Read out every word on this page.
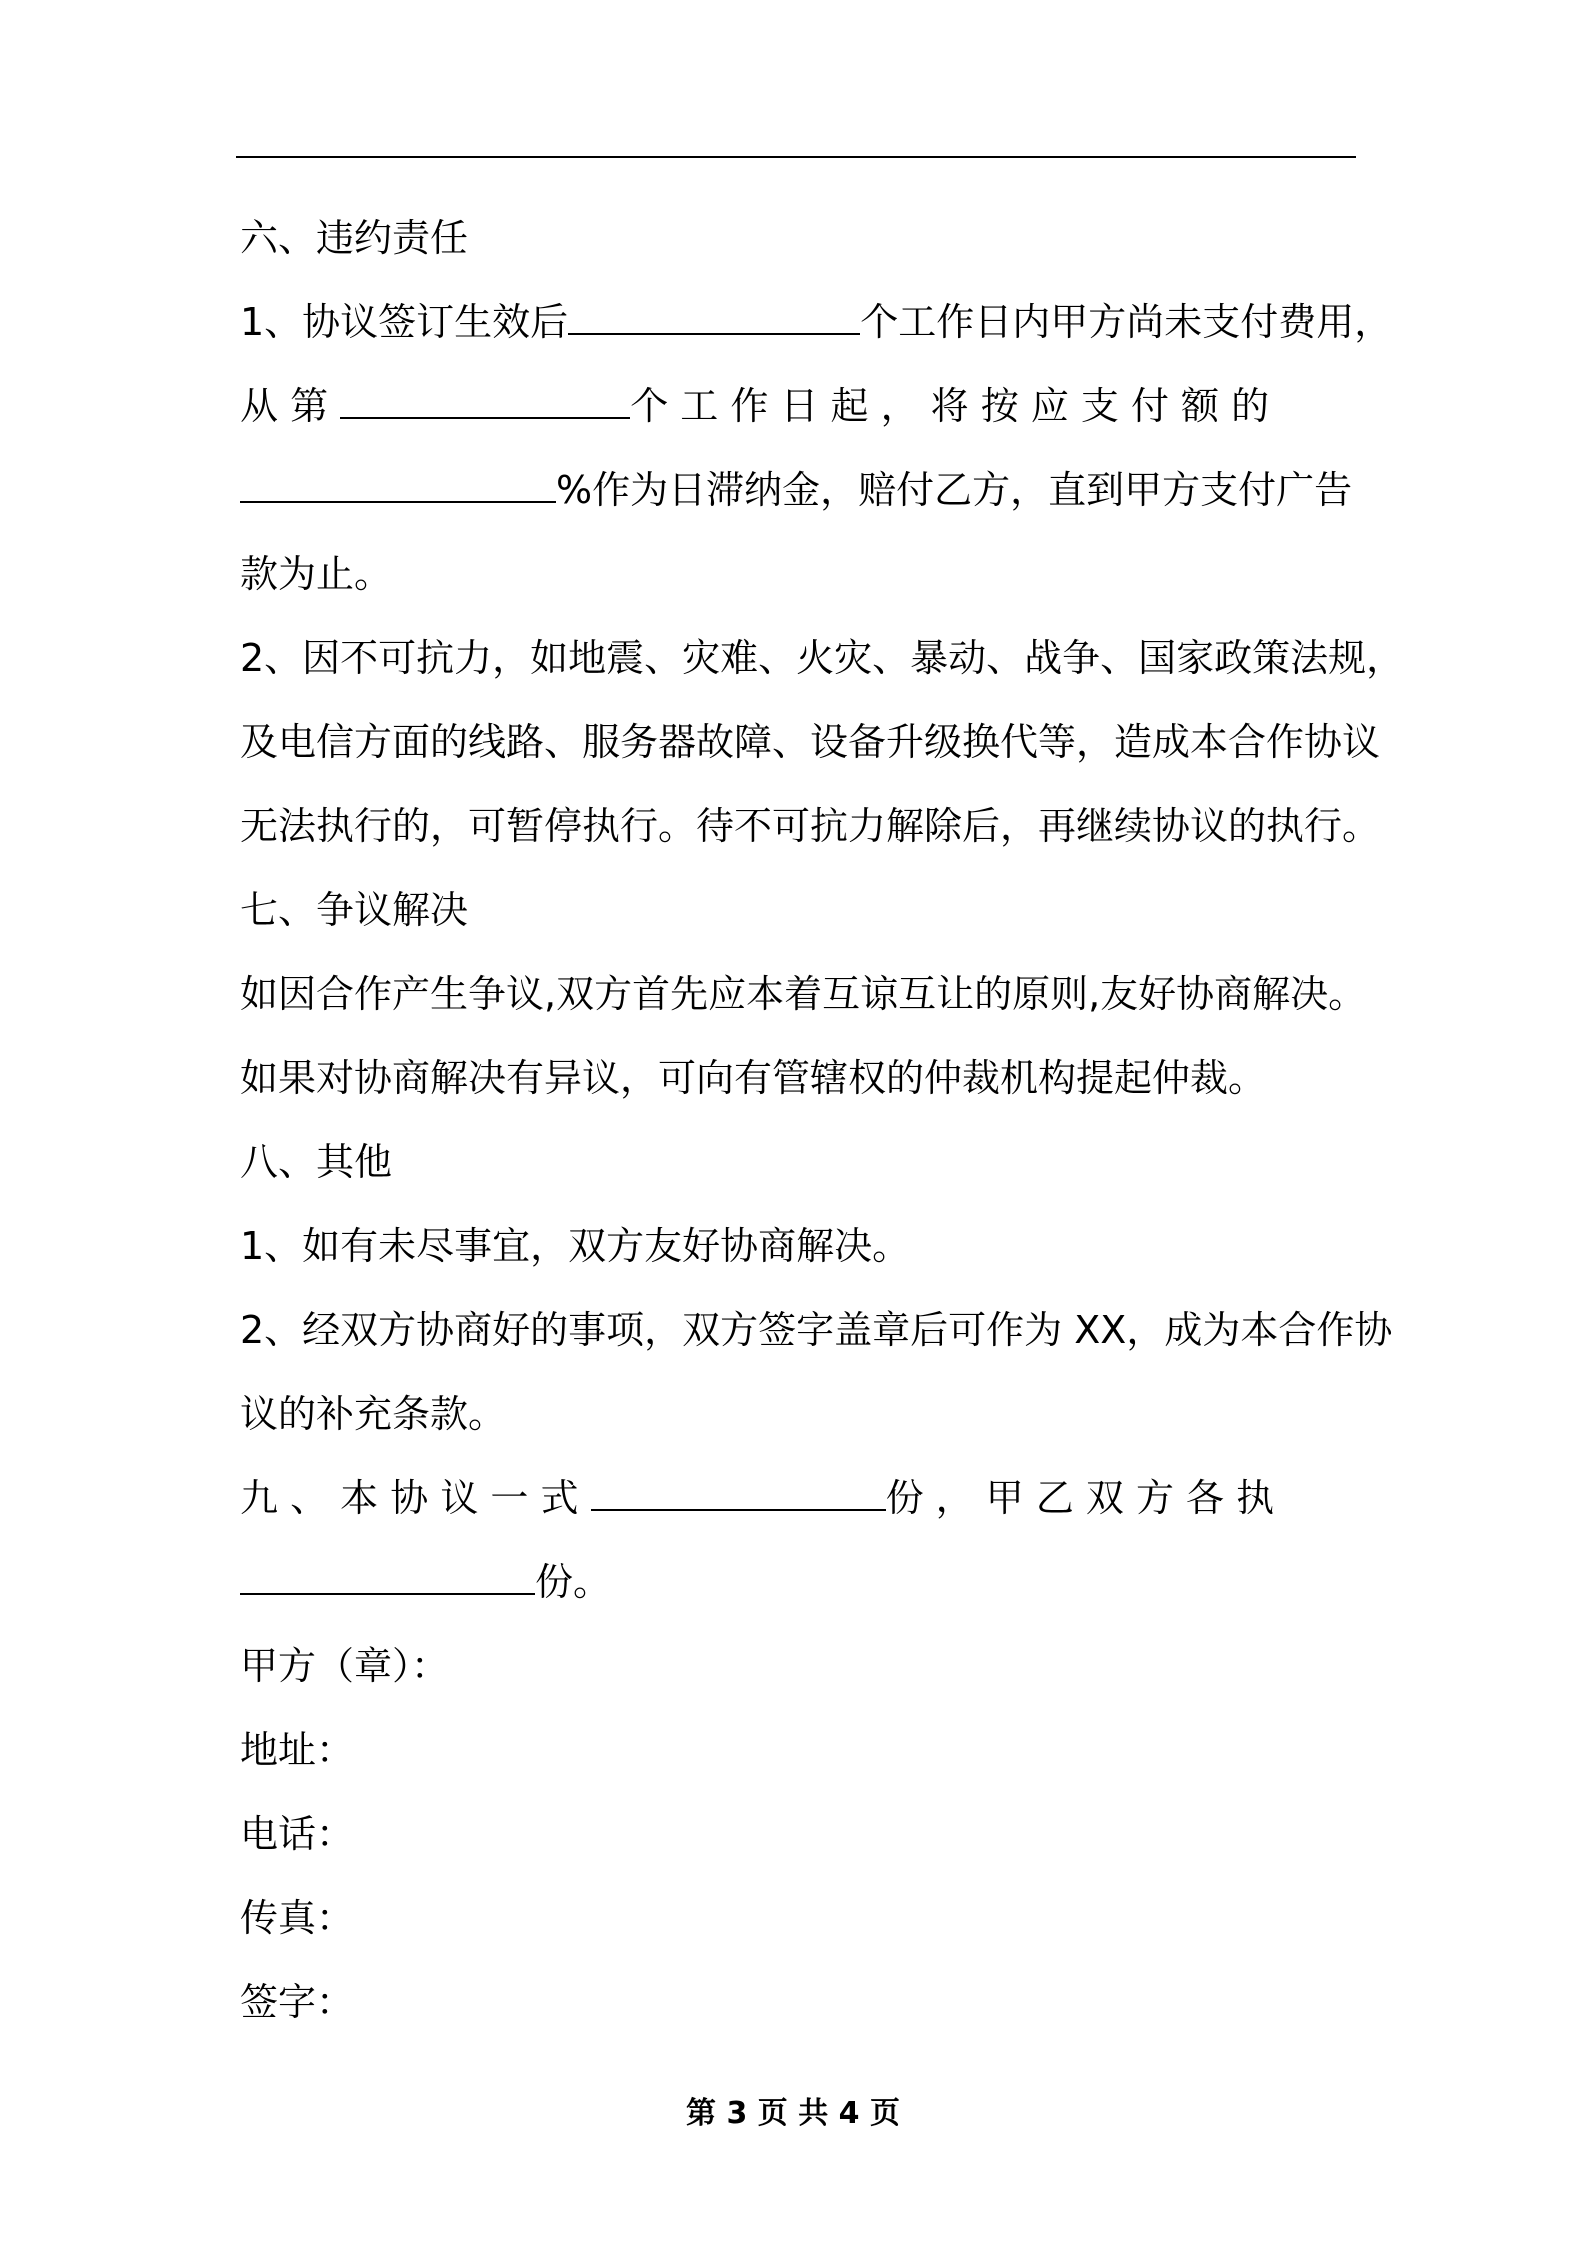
六、违约责任
1、协议签订生效后	个工作日内甲方尚未支付费用，
从 第	个 工 作 日 起 ， 将 按 应 支 付 额 的
%作为日滞纳金，赔付乙方，直到甲方支付广告
款为止。
2、因不可抗力，如地震、灾难、火灾、暴动、战争、国家政策法规，
及电信方面的线路、服务器故障、设备升级换代等，造成本合作协议
无法执行的，可暂停执行。待不可抗力解除后，再继续协议的执行。
七、争议解决
如因合作产生争议,双方首先应本着互谅互让的原则,友好协商解决。
如果对协商解决有异议，可向有管辖权的仲裁机构提起仲裁。
八、其他
1、如有未尽事宜，双方友好协商解决。
2、经双方协商好的事项，双方签字盖章后可作为 XX，成为本合作协
议的补充条款。
九 、 本 协 议 一 式	份 ， 甲 乙 双 方 各 执
份。
甲方（章）：
地址：
电话：
传真：
签字：
第 3 页 共 4 页
